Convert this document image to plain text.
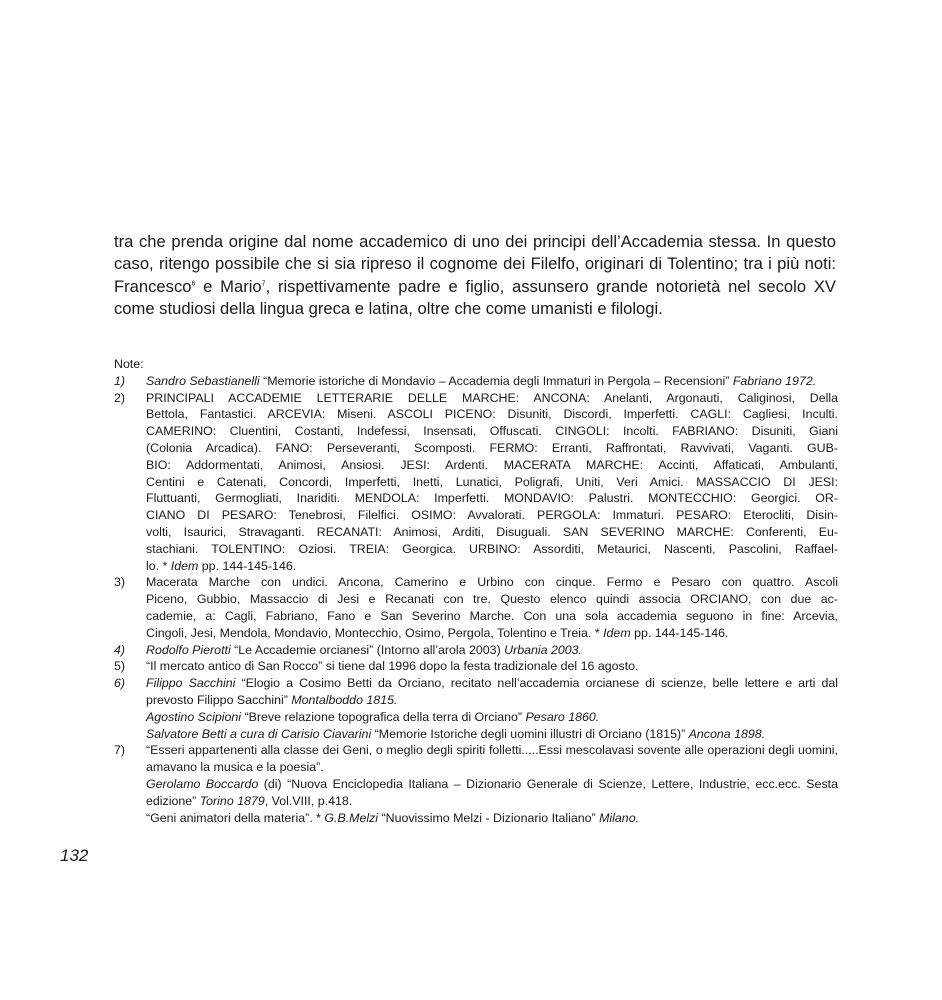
tra che prenda origine dal nome accademico di uno dei principi dell’Accademia stessa. In questo caso, ritengo possibile che si sia ripreso il cognome dei Filelfo, originari di Tolentino; tra i più noti: Francesco$^6$ e Mario$^7$, rispettivamente padre e figlio, assunsero grande notorietà nel secolo XV come studiosi della lingua greca e latina, oltre che come umanisti e filologi.

Note:

1)	Sandro Sebastianelli “Memorie istoriche di Mondavio – Accademia degli Immaturi in Pergola – Recensioni” Fabriano 1972.
2)	PRINCIPALI ACCADEMIE LETTERARIE DELLE MARCHE: ANCONA: Anelanti, Argonauti, Caliginosi, Della
Bettola, Fantastici. ARCEVIA: Miseni. ASCOLI PICENO: Disuniti, Discordi, Imperfetti. CAGLI: Cagliesi, Inculti.
CAMERINO: Cluentini, Costanti, Indefessi, Insensati, Offuscati. CINGOLI: Incolti. FABRIANO: Disuniti, Giani
(Colonia Arcadica). FANO: Perseveranti, Scomposti. FERMO: Erranti, Raffrontati, Ravvivati, Vaganti. GUB-
BIO: Addormentati, Animosi, Ansiosi. JESI: Ardenti. MACERATA MARCHE: Accinti, Affaticati, Ambulanti,
Centini e Catenati, Concordi, Imperfetti, Inetti, Lunatici, Poligrafi, Uniti, Veri Amici. MASSACCIO DI JESI:
Fluttuanti, Germogliati, Inariditi. MENDOLA: Imperfetti. MONDAVIO: Palustri. MONTECCHIO: Georgici. OR-
CIANO DI PESARO: Tenebrosi, Filelfici. OSIMO: Avvalorati. PERGOLA: Immaturi. PESARO: Eterocliti, Disin-
volti, Isaurici, Stravaganti. RECANATI: Animosi, Arditi, Disuguali. SAN SEVERINO MARCHE: Conferenti, Eu-
stachiani. TOLENTINO: Oziosi. TREIA: Georgica. URBINO: Assorditi, Metaurici, Nascenti, Pascolini, Raffael-
lo. * Idem pp. 144-145-146.
3)	Macerata Marche con undici. Ancona, Camerino e Urbino con cinque. Fermo e Pesaro con quattro. Ascoli
Piceno, Gubbio, Massaccio di Jesi e Recanati con tre. Questo elenco quindi associa ORCIANO, con due ac-
cademie, a: Cagli, Fabriano, Fano e San Severino Marche. Con una sola accademia seguono in fine: Arcevia,
Cingoli, Jesi, Mendola, Mondavio, Montecchio, Osimo, Pergola, Tolentino e Treia. * Idem pp. 144-145-146.
4)	Rodolfo Pierotti “Le Accademie orcianesi” (Intorno all’arola 2003) Urbania 2003.
5)	“Il mercato antico di San Rocco” si tiene dal 1996 dopo la festa tradizionale del 16 agosto.
6)	Filippo Sacchini “Elogio a Cosimo Betti da Orciano, recitato nell’accademia orcianese di scienze, belle lettere e arti dal prevosto Filippo Sacchini” Montalboddo 1815.
Agostino Scipioni “Breve relazione topografica della terra di Orciano” Pesaro 1860.
Salvatore Betti a cura di Carisio Ciavarini “Memorie Istoriche degli uomini illustri di Orciano (1815)” Ancona 1898.
7)	“Esseri appartenenti alla classe dei Geni, o meglio degli spiriti folletti.....Essi mescolavasi sovente alle operazioni degli uomini, amavano la musica e la poesia”.
Gerolamo Boccardo (di) “Nuova Enciclopedia Italiana – Dizionario Generale di Scienze, Lettere, Industrie, ecc.ecc. Sesta edizione” Torino 1879, Vol.VIII, p.418.
“Geni animatori della materia”. * G.B.Melzi “Nuovissimo Melzi - Dizionario Italiano” Milano.

132
